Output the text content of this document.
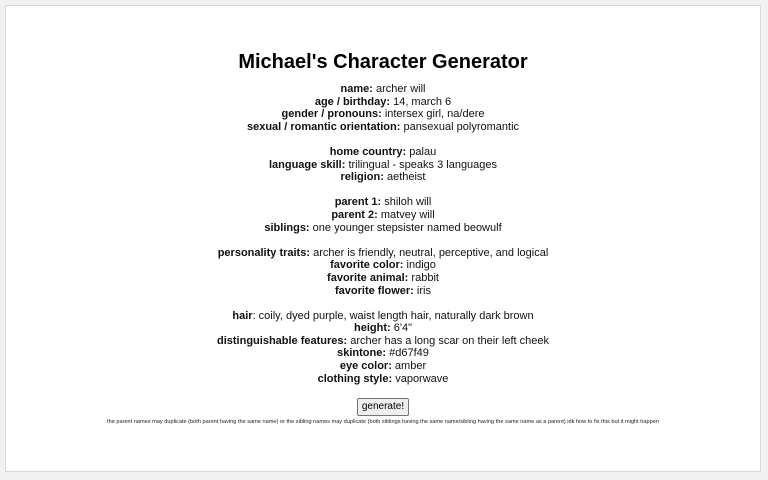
Michael's Character Generator
name: archer will
age / birthday: 14, march 6
gender / pronouns: intersex girl, na/dere
sexual / romantic orientation: pansexual polyromantic
home country: palau
language skill: trilingual - speaks 3 languages
religion: aetheist
parent 1: shiloh will
parent 2: matvey will
siblings: one younger stepsister named beowulf
personality traits: archer is friendly, neutral, perceptive, and logical
favorite color: indigo
favorite animal: rabbit
favorite flower: iris
hair: coily, dyed purple, waist length hair, naturally dark brown
height: 6'4"
distinguishable features: archer has a long scar on their left cheek
skintone: #d67f49
eye color: amber
clothing style: vaporwave
generate!
the parent names may duplicate (both parent having the same name) or the sibling names may duplicate (both siblings having the same name/sibling having the same name as a parent) idk how to fix this but it might happen
